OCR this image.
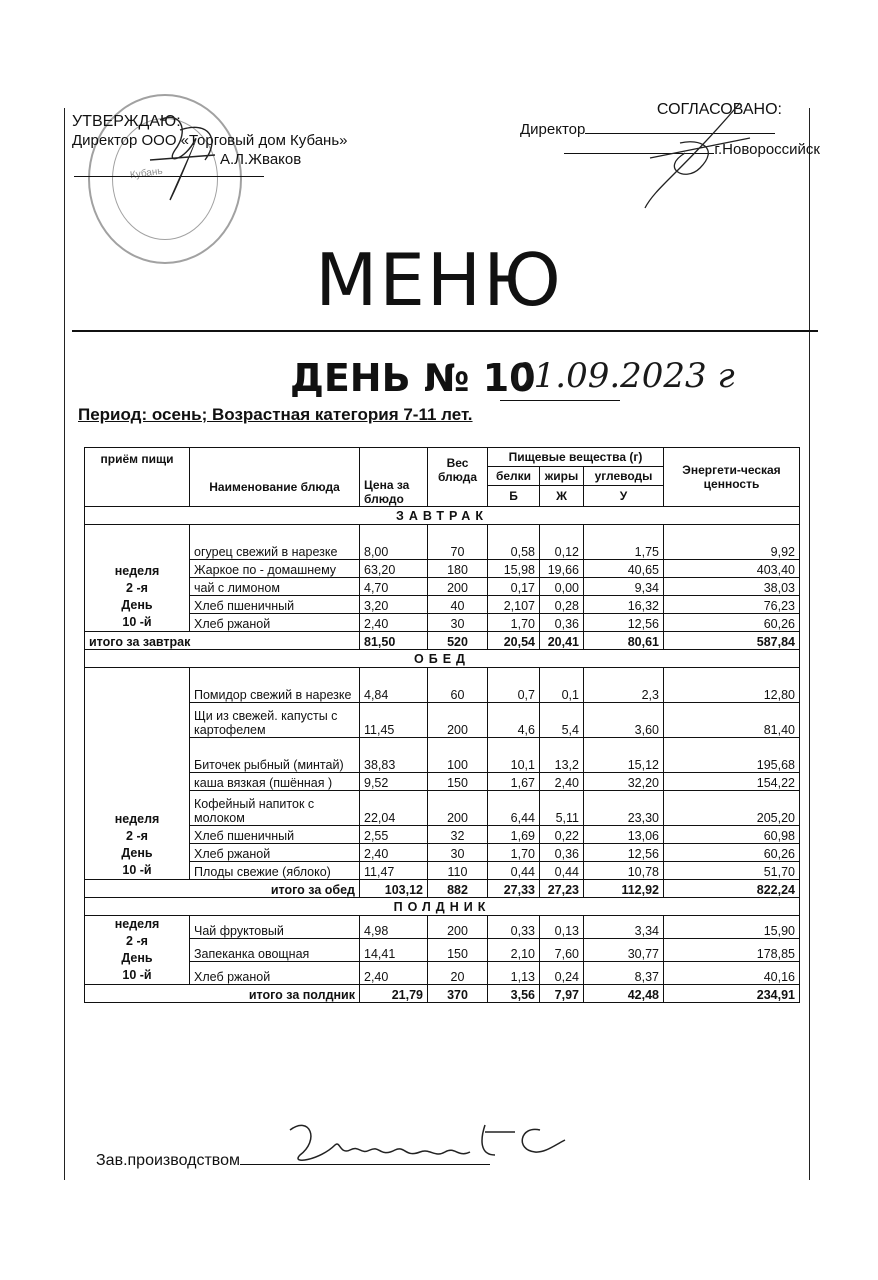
Кубань
УТВЕРЖДАЮ:
Директор ООО «Торговый дом Кубань»
А.Л.Жваков
СОГЛАСОВАНО:
Директор
г.Новороссийск
МЕНЮ
ДЕНЬ № 10
01.09.2023 г
Период: осень; Возрастная категория 7-11 лет.
приём пищи	Наименование блюда	Цена за блюдо	Вес блюда	Пищевые вещества (г)			Энергети-ческая ценность
				белки	жиры	углеводы	
				Б	Ж	У	
ЗАВТРАК							

неделя
2 -я
День
10 -й	огурец свежий в нарезке	8,00	70	0,58	0,12	1,75	9,92
	Жаркое по - домашнему	63,20	180	15,98	19,66	40,65	403,40
	чай с лимоном	4,70	200	0,17	0,00	9,34	38,03
	Хлеб пшеничный	3,20	40	2,107	0,28	16,32	76,23
	Хлеб ржаной	2,40	30	1,70	0,36	12,56	60,26
итого за завтрак		81,50	520	20,54	20,41	80,61	587,84
ОБЕД							

неделя
2 -я
День
10 -й	Помидор свежий в нарезке	4,84	60	0,7	0,1	2,3	12,80
	Щи из свежей. капусты с картофелем	11,45	200	4,6	5,4	3,60	81,40
	Биточек рыбный (минтай)	38,83	100	10,1	13,2	15,12	195,68
	каша вязкая (пшённая )	9,52	150	1,67	2,40	32,20	154,22
	Кофейный напиток с молоком	22,04	200	6,44	5,11	23,30	205,20
	Хлеб пшеничный	2,55	32	1,69	0,22	13,06	60,98
	Хлеб ржаной	2,40	30	1,70	0,36	12,56	60,26
	Плоды свежие (яблоко)	11,47	110	0,44	0,44	10,78	51,70
итого за обед		103,12	882	27,33	27,23	112,92	822,24
ПОЛДНИК							

неделя
2 -я
День
10 -й	Чай фруктовый	4,98	200	0,33	0,13	3,34	15,90
	Запеканка овощная	14,41	150	2,10	7,60	30,77	178,85
	Хлеб ржаной	2,40	20	1,13	0,24	8,37	40,16
итого за полдник		21,79	370	3,56	7,97	42,48	234,91
Зав.производством
